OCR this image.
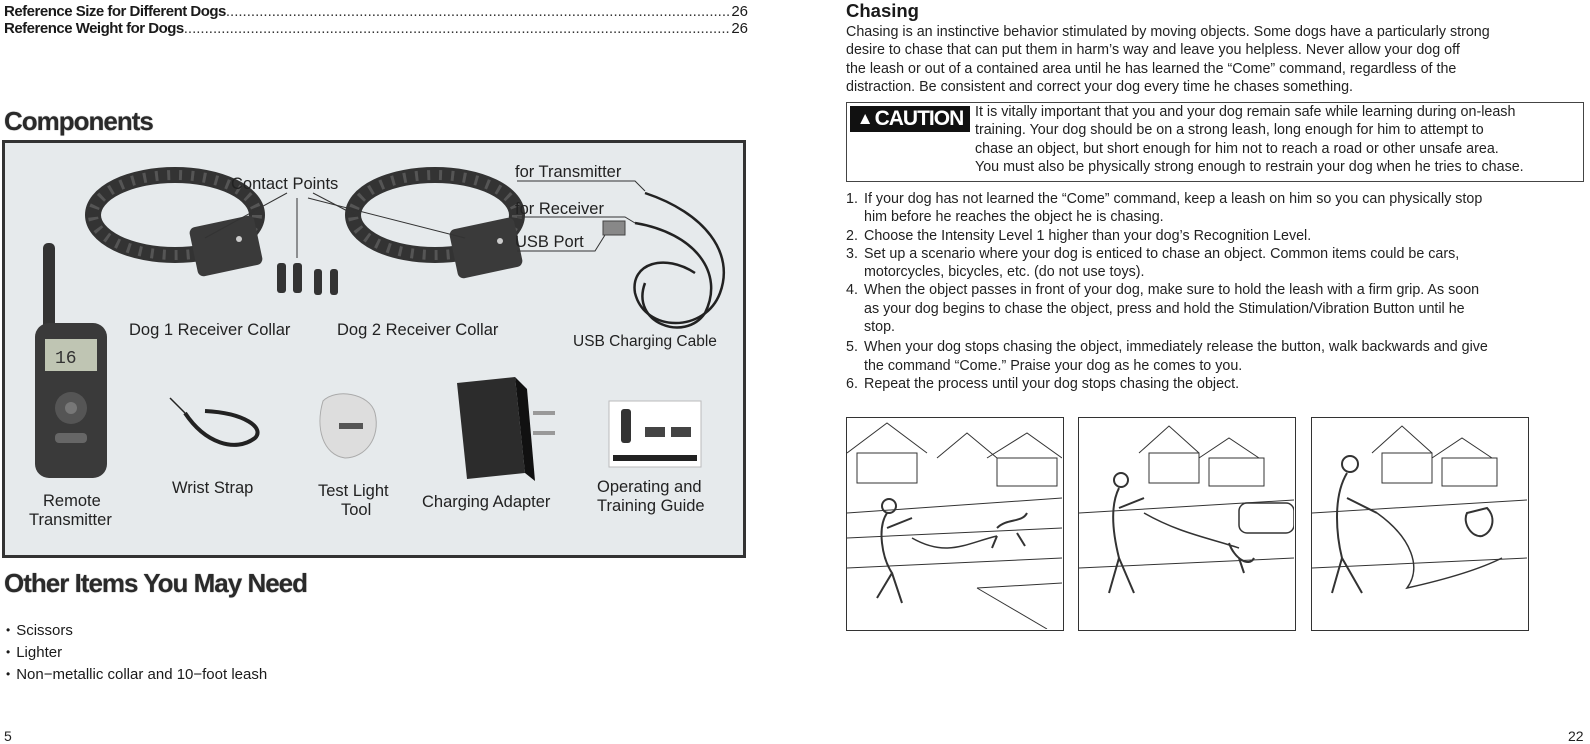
Reference Size for Different Dogs .....	26
Reference Weight for Dogs .....	26
Components
16
Contact Points
for Transmitter
for Receiver
USB Port
Dog 1 Receiver Collar	Dog 2 Receiver Collar
USB Charging Cable
Remote
Transmitter
Wrist Strap	Test Light
Tool	Charging Adapter
Operating and
Training Guide
Other Items You May Need
• Scissors
• Lighter
• Non−metallic collar and 10−foot leash
5
Chasing
Chasing is an instinctive behavior stimulated by moving objects. Some dogs have a particularly strong
desire to chase that can put them in harm’s way and leave you helpless. Never allow your dog off
the leash or out of a contained area until he has learned the “Come” command, regardless of the
distraction. Be consistent and correct your dog every time he chases something.
▲ CAUTION It is vitally important that you and your dog remain safe while learning during on-leash
training. Your dog should be on a strong leash, long enough for him to attempt to
chase an object, but short enough for him not to reach a road or other unsafe area.
You must also be physically strong enough to restrain your dog when he tries to chase.
1. If your dog has not learned the “Come” command, keep a leash on him so you can physically stop
him before he reaches the object he is chasing.
2. Choose the Intensity Level 1 higher than your dog’s Recognition Level.
3. Set up a scenario where your dog is enticed to chase an object. Common items could be cars,
motorcycles, bicycles, etc. (do not use toys).
4. When the object passes in front of your dog, make sure to hold the leash with a firm grip. As soon
as your dog begins to chase the object, press and hold the Stimulation/Vibration Button until he
stop.
5. When your dog stops chasing the object, immediately release the button, walk backwards and give
the command “Come.” Praise your dog as he comes to you.
6. Repeat the process until your dog stops chasing the object.
22
